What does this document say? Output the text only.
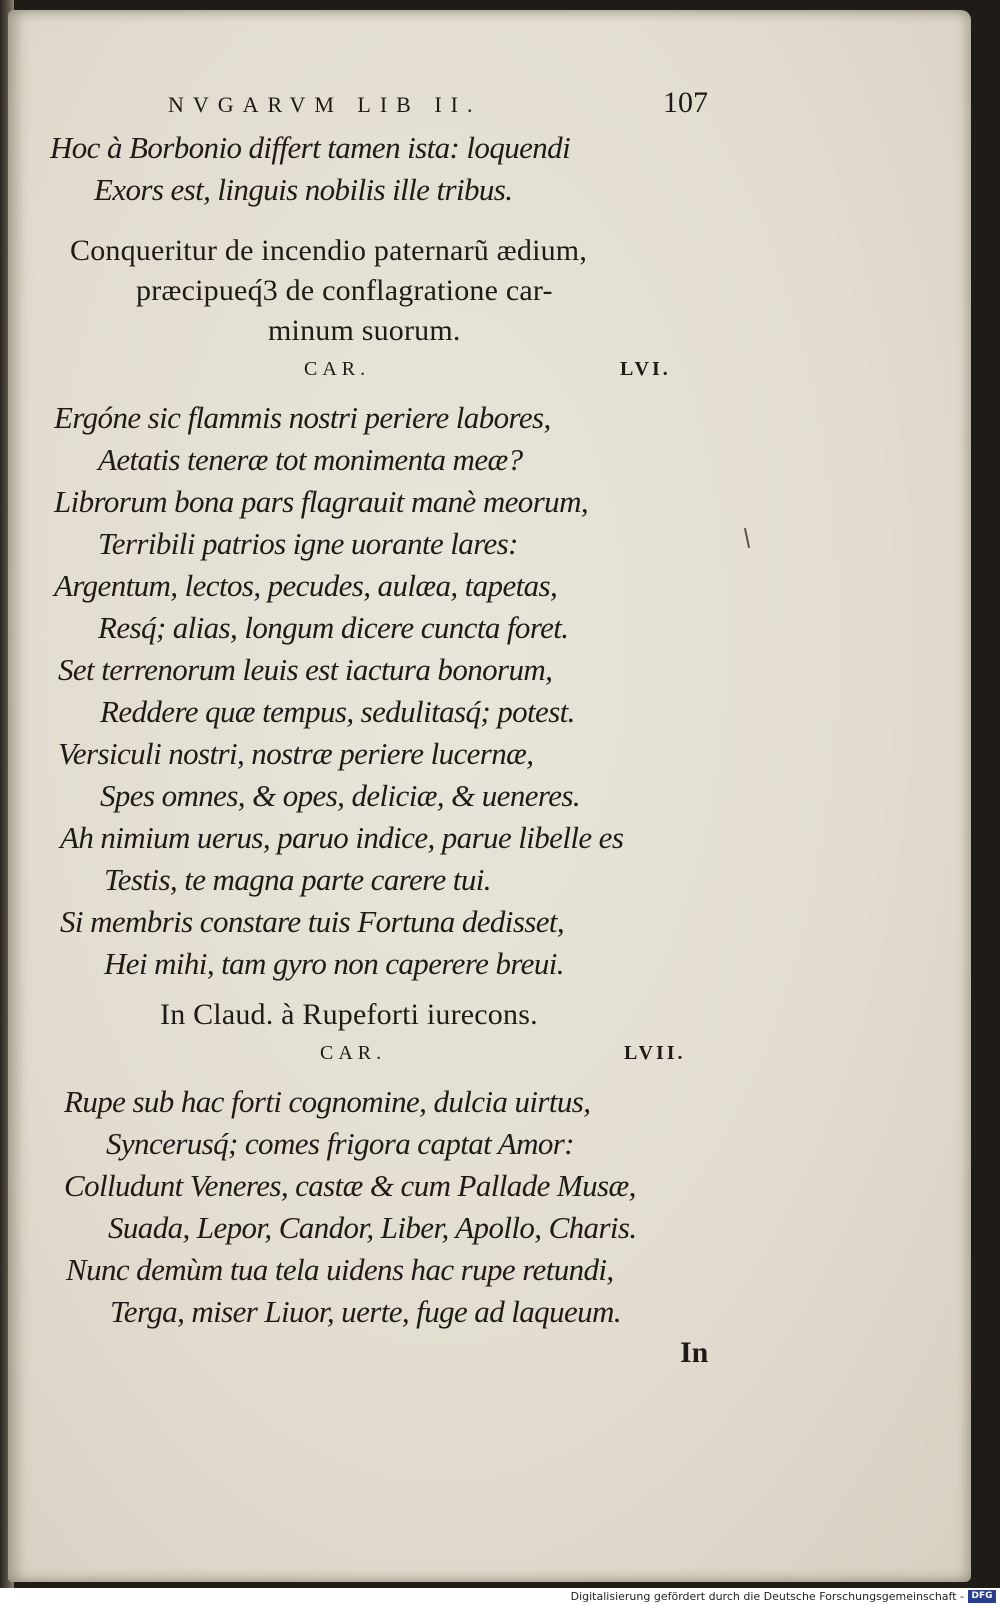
NVGARVM LIB II.	107
Hoc à Borbonio differt tamen ista: loquendi
Exors est, linguis nobilis ille tribus.
Conqueritur de incendio paternarũ ædium,
præcipueq́3 de conflagratione car-
minum suorum.
CAR.	LVI.
Ergóne sic flammis nostri periere labores,
Aetatis teneræ tot monimenta meæ?
Librorum bona pars flagrauit manè meorum,
Terribili patrios igne uorante lares:
Argentum, lectos, pecudes, aulæa, tapetas,
Resq́; alias, longum dicere cuncta foret.
Set terrenorum leuis est iactura bonorum,
Reddere quæ tempus, sedulitasq́; potest.
Versiculi nostri, nostræ periere lucernæ,
Spes omnes, & opes, deliciæ, & ueneres.
Ah nimium uerus, paruo indice, parue libelle es
Testis, te magna parte carere tui.
Si membris constare tuis Fortuna dedisset,
Hei mihi, tam gyro non caperere breui.
In Claud. à Rupeforti iurecons.
CAR.	LVII.
Rupe sub hac forti cognomine, dulcia uirtus,
Syncerusq́; comes frigora captat Amor:
Colludunt Veneres, castæ & cum Pallade Musæ,
Suada, Lepor, Candor, Liber, Apollo, Charis.
Nunc demùm tua tela uidens hac rupe retundi,
Terga, miser Liuor, uerte, fuge ad laqueum.
In
Digitalisierung gefördert durch die Deutsche Forschungsgemeinschaft - DFG
